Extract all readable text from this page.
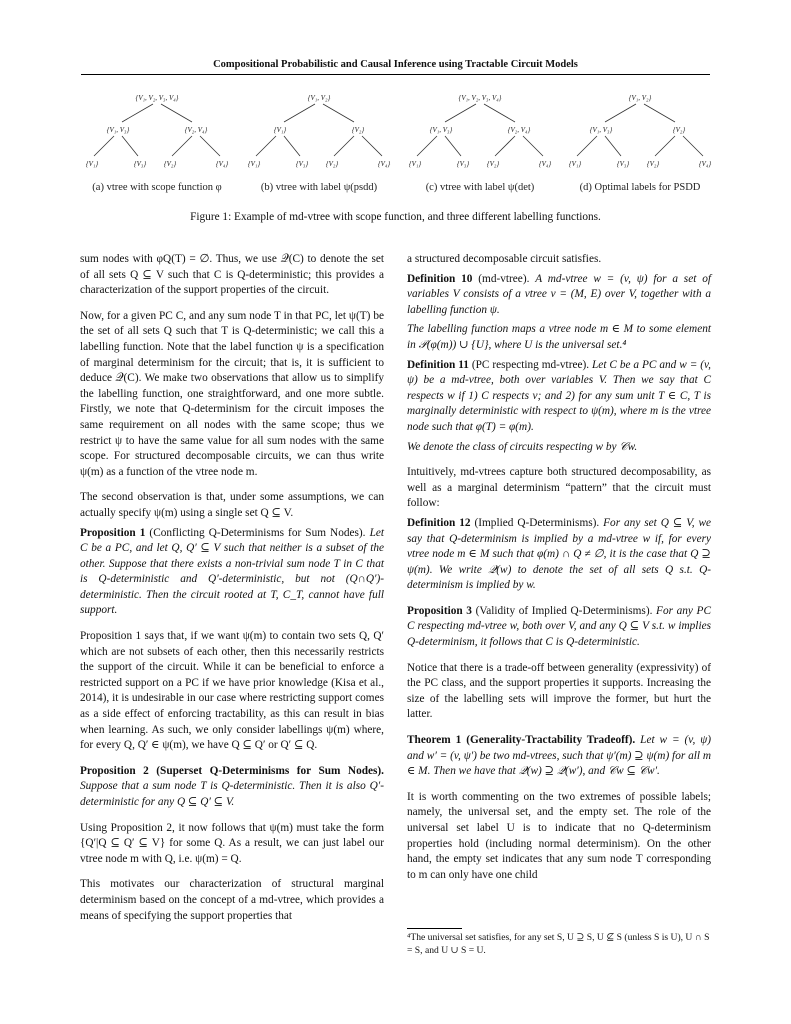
Compositional Probabilistic and Causal Inference using Tractable Circuit Models
{V₁, V₂, V₃, V₄}
{V₁, V₃}	{V₂, V₄}
{V₁}	{V₃}	{V₂}	{V₄}
(a) vtree with scope function φ
{V₁, V₂}
{V₁}	{V₂}
{V₁}	{V₃}	{V₂}	{V₄}
(b) vtree with label ψ(psdd)
{V₁, V₂, V₃, V₄}
{V₁, V₃}	{V₂, V₄}
{V₁}	{V₃}	{V₂}	{V₄}
(c) vtree with label ψ(det)
{V₁, V₂}
{V₁, V₃}	{V₂}
{V₁}	{V₃}	{V₂}	{V₄}
(d) Optimal labels for PSDD
Figure 1: Example of md-vtree with scope function, and three different labelling functions.

sum nodes with φQ(T) = ∅. Thus, we use 𝒬(C) to denote the set of all sets Q ⊆ V such that C is Q-deterministic; this provides a characterization of the support properties of the circuit.

Now, for a given PC C, and any sum node T in that PC, let ψ(T) be the set of all sets Q such that T is Q-deterministic; we call this a labelling function. Note that the label function ψ is a specification of marginal determinism for the circuit; that is, it is sufficient to deduce 𝒬(C). We make two observations that allow us to simplify the labelling function, one straightforward, and one more subtle. Firstly, we note that Q-determinism for the circuit imposes the same requirement on all nodes with the same scope; thus we restrict ψ to have the same value for all sum nodes with the same scope. For structured decomposable circuits, we can thus write ψ(m) as a function of the vtree node m.

The second observation is that, under some assumptions, we can actually specify ψ(m) using a single set Q ⊆ V.

Proposition 1 (Conflicting Q-Determinisms for Sum Nodes). Let C be a PC, and let Q, Q′ ⊆ V such that neither is a subset of the other. Suppose that there exists a non-trivial sum node T in C that is Q-deterministic and Q′-deterministic, but not (Q∩Q′)-deterministic. Then the circuit rooted at T, C_T, cannot have full support.

Proposition 1 says that, if we want ψ(m) to contain two sets Q, Q′ which are not subsets of each other, then this necessarily restricts the support of the circuit. While it can be beneficial to enforce a restricted support on a PC if we have prior knowledge (Kisa et al., 2014), it is undesirable in our case where restricting support comes as a side effect of enforcing tractability, as this can result in bias when learning. As such, we only consider labellings ψ(m) where, for every Q, Q′ ∈ ψ(m), we have Q ⊆ Q′ or Q′ ⊆ Q.

Proposition 2 (Superset Q-Determinisms for Sum Nodes). Suppose that a sum node T is Q-deterministic. Then it is also Q′-deterministic for any Q ⊆ Q′ ⊆ V.

Using Proposition 2, it now follows that ψ(m) must take the form {Q′|Q ⊆ Q′ ⊆ V} for some Q. As a result, we can just label our vtree node m with Q, i.e. ψ(m) = Q.

This motivates our characterization of structural marginal determinism based on the concept of a md-vtree, which provides a means of specifying the support properties that

a structured decomposable circuit satisfies.

Definition 10 (md-vtree). A md-vtree w = (v, ψ) for a set of variables V consists of a vtree v = (M, E) over V, together with a labelling function ψ.

The labelling function maps a vtree node m ∈ M to some element in 𝒫(φ(m)) ∪ {U}, where U is the universal set.⁴

Definition 11 (PC respecting md-vtree). Let C be a PC and w = (v, ψ) be a md-vtree, both over variables V. Then we say that C respects w if 1) C respects v; and 2) for any sum unit T ∈ C, T is marginally deterministic with respect to ψ(m), where m is the vtree node such that φ(T) = φ(m).

We denote the class of circuits respecting w by 𝒞w.

Intuitively, md-vtrees capture both structured decomposability, as well as a marginal determinism “pattern” that the circuit must follow:

Definition 12 (Implied Q-Determinisms). For any set Q ⊆ V, we say that Q-determinism is implied by a md-vtree w if, for every vtree node m ∈ M such that φ(m) ∩ Q ≠ ∅, it is the case that Q ⊇ ψ(m). We write 𝒬(w) to denote the set of all sets Q s.t. Q-determinism is implied by w.

Proposition 3 (Validity of Implied Q-Determinisms). For any PC C respecting md-vtree w, both over V, and any Q ⊆ V s.t. w implies Q-determinism, it follows that C is Q-deterministic.

Notice that there is a trade-off between generality (expressivity) of the PC class, and the support properties it supports. Increasing the size of the labelling sets will improve the former, but hurt the latter.

Theorem 1 (Generality-Tractability Tradeoff). Let w = (v, ψ) and w′ = (v, ψ′) be two md-vtrees, such that ψ′(m) ⊇ ψ(m) for all m ∈ M. Then we have that 𝒬(w) ⊇ 𝒬(w′), and 𝒞w ⊆ 𝒞w′.

It is worth commenting on the two extremes of possible labels; namely, the universal set, and the empty set. The role of the universal set label U is to indicate that no Q-determinism properties hold (including normal determinism). On the other hand, the empty set indicates that any sum node T corresponding to m can only have one child

⁴The universal set satisfies, for any set S, U ⊇ S, U ⊈ S (unless S is U), U ∩ S = S, and U ∪ S = U.
